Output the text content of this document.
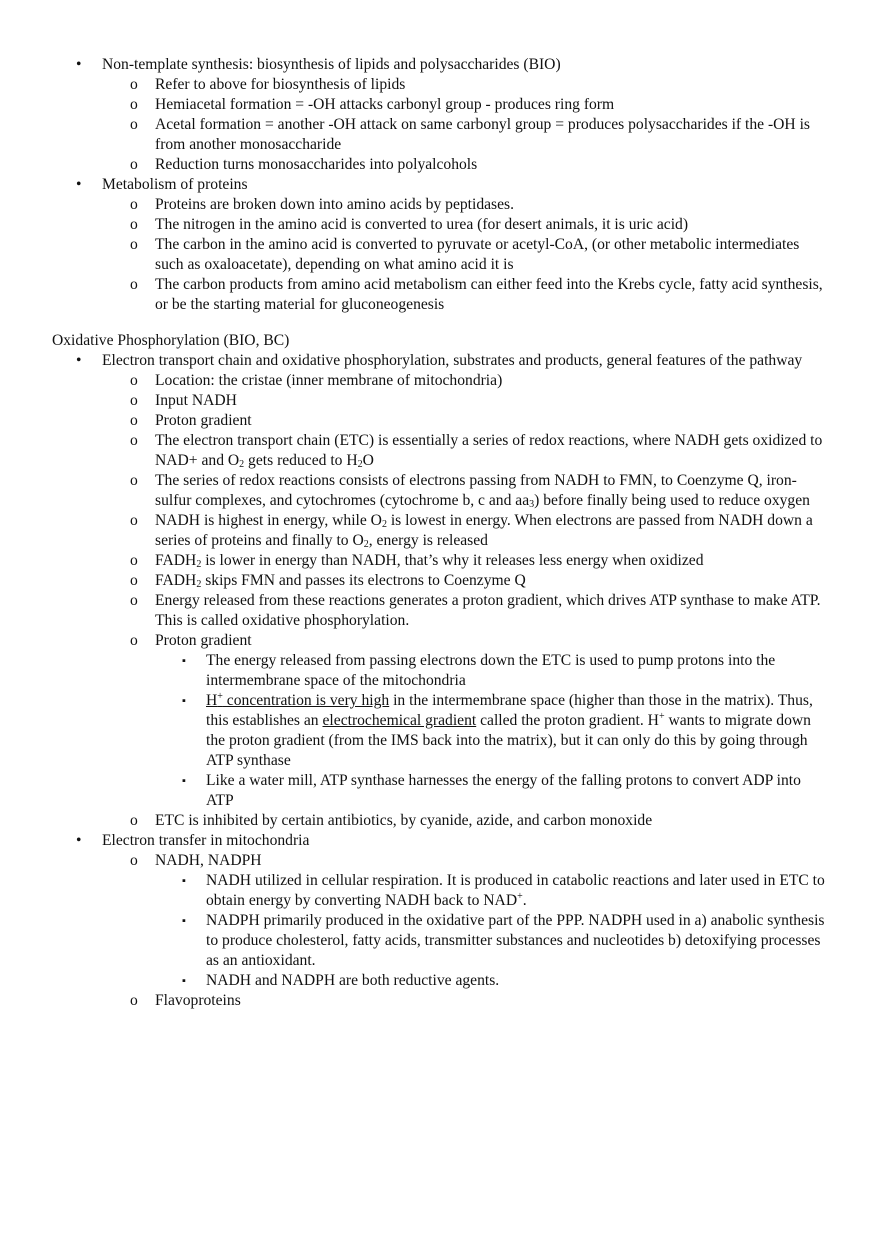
• Non-template synthesis: biosynthesis of lipids and polysaccharides (BIO)
o Refer to above for biosynthesis of lipids
o Hemiacetal formation = -OH attacks carbonyl group - produces ring form
o Acetal formation = another -OH attack on same carbonyl group = produces polysaccharides if the -OH is from another monosaccharide
o Reduction turns monosaccharides into polyalcohols
• Metabolism of proteins
o Proteins are broken down into amino acids by peptidases.
o The nitrogen in the amino acid is converted to urea (for desert animals, it is uric acid)
o The carbon in the amino acid is converted to pyruvate or acetyl-CoA, (or other metabolic intermediates such as oxaloacetate), depending on what amino acid it is
o The carbon products from amino acid metabolism can either feed into the Krebs cycle, fatty acid synthesis, or be the starting material for gluconeogenesis
Oxidative Phosphorylation (BIO, BC)
• Electron transport chain and oxidative phosphorylation, substrates and products, general features of the pathway
o Location: the cristae (inner membrane of mitochondria)
o Input NADH
o Proton gradient
o The electron transport chain (ETC) is essentially a series of redox reactions, where NADH gets oxidized to NAD+ and $O_2$ gets reduced to $H_2O$
o The series of redox reactions consists of electrons passing from NADH to FMN, to Coenzyme Q, iron-sulfur complexes, and cytochromes (cytochrome b, c and $aa_3$) before finally being used to reduce oxygen
o NADH is highest in energy, while $O_2$ is lowest in energy. When electrons are passed from NADH down a series of proteins and finally to $O_2$, energy is released
o $FADH_2$ is lower in energy than NADH, that’s why it releases less energy when oxidized
o $FADH_2$ skips FMN and passes its electrons to Coenzyme Q
o Energy released from these reactions generates a proton gradient, which drives ATP synthase to make ATP. This is called oxidative phosphorylation.
o Proton gradient
▪ The energy released from passing electrons down the ETC is used to pump protons into the intermembrane space of the mitochondria
▪ H+ concentration is very high in the intermembrane space (higher than those in the matrix). Thus, this establishes an electrochemical gradient called the proton gradient. H+ wants to migrate down the proton gradient (from the IMS back into the matrix), but it can only do this by going through ATP synthase
▪ Like a water mill, ATP synthase harnesses the energy of the falling protons to convert ADP into ATP
o ETC is inhibited by certain antibiotics, by cyanide, azide, and carbon monoxide
• Electron transfer in mitochondria
o NADH, NADPH
▪ NADH utilized in cellular respiration. It is produced in catabolic reactions and later used in ETC to obtain energy by converting NADH back to NAD+.
▪ NADPH primarily produced in the oxidative part of the PPP. NADPH used in a) anabolic synthesis to produce cholesterol, fatty acids, transmitter substances and nucleotides b) detoxifying processes as an antioxidant.
▪ NADH and NADPH are both reductive agents.
o Flavoproteins
